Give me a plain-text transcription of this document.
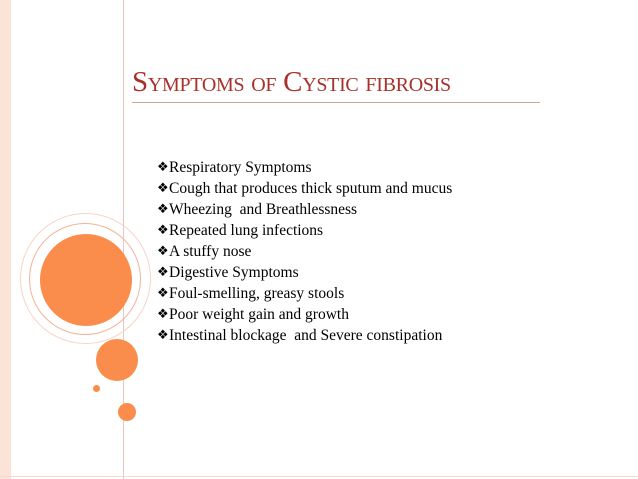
Symptoms of Cystic fibrosis
❖ Respiratory Symptoms
❖ Cough that produces thick sputum and mucus
❖ Wheezing  and Breathlessness
❖ Repeated lung infections
❖ A stuffy nose
❖ Digestive Symptoms
❖ Foul-smelling, greasy stools
❖ Poor weight gain and growth
❖ Intestinal blockage  and Severe constipation
